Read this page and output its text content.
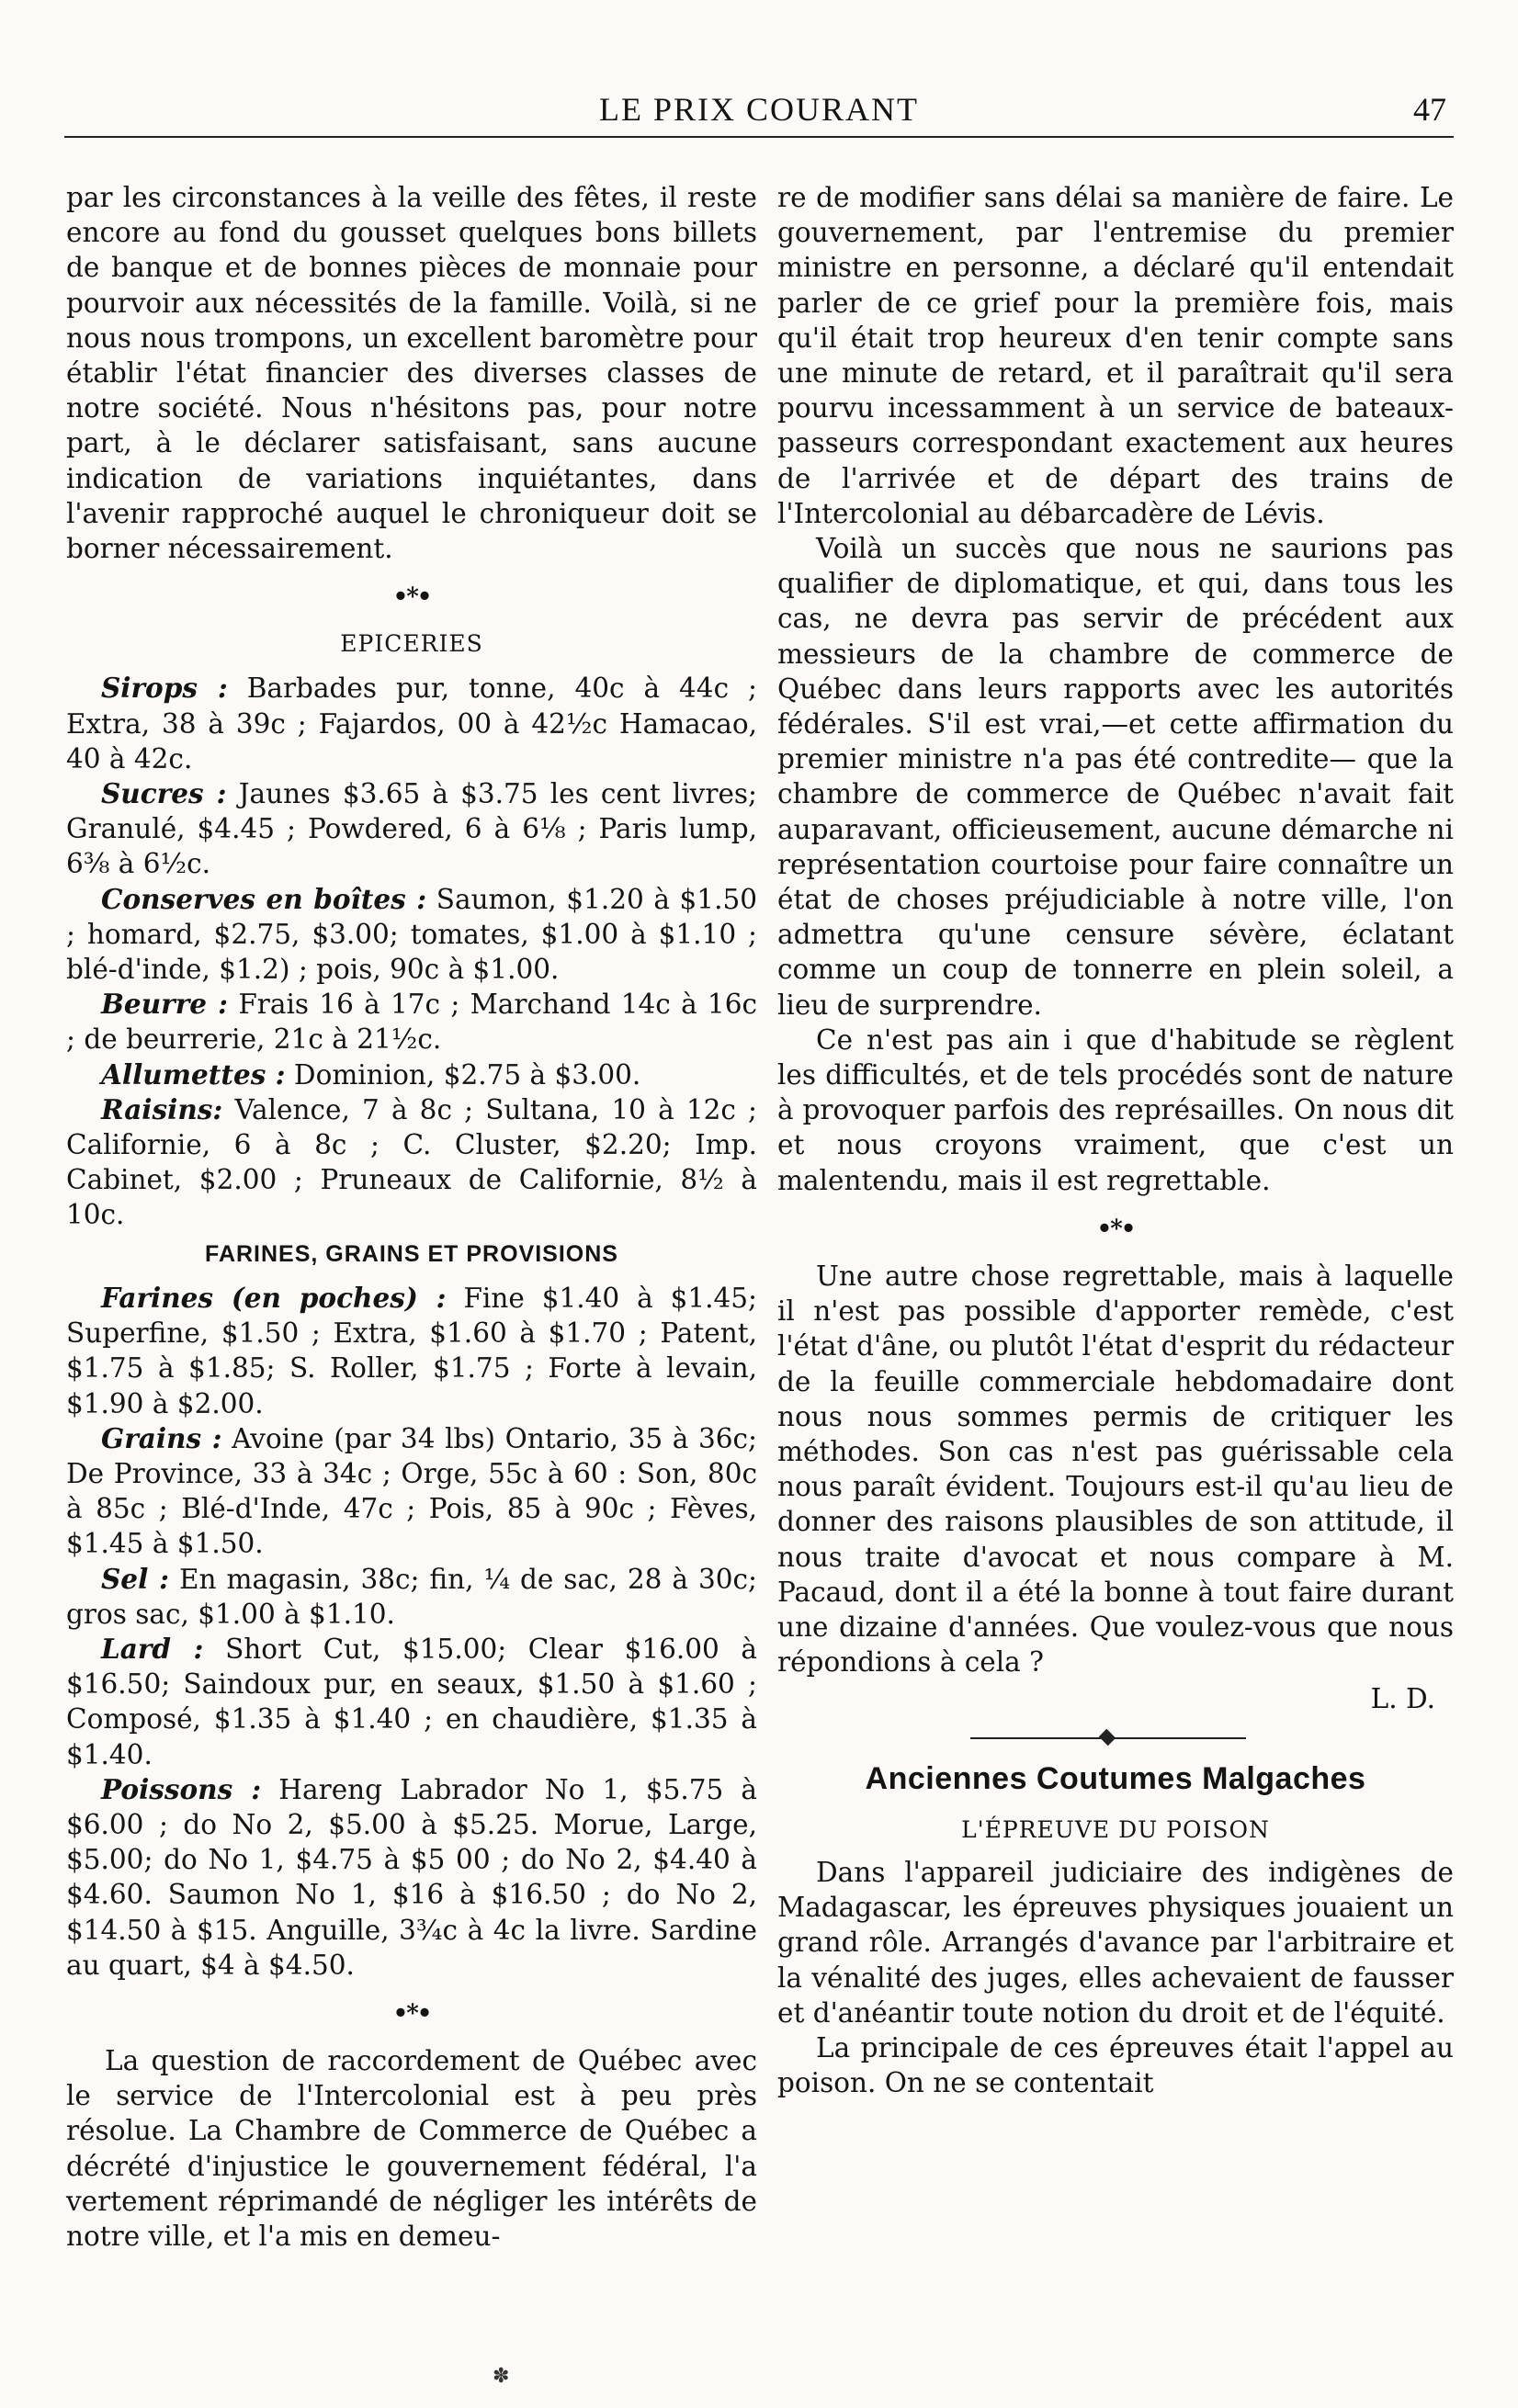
LE PRIX COURANT	47

par les circonstances à la veille des fêtes, il reste encore au fond du gousset quelques bons billets de banque et de bonnes pièces de monnaie pour pourvoir aux nécessités de la famille. Voilà, si ne nous nous trompons, un excellent baromètre pour établir l'état financier des diverses classes de notre société. Nous n'hésitons pas, pour notre part, à le déclarer satisfaisant, sans aucune indication de variations inquiétantes, dans l'avenir rapproché auquel le chroniqueur doit se borner nécessairement.

•*•
EPICERIES

Sirops : Barbades pur, tonne, 40c à 44c ; Extra, 38 à 39c ; Fajardos, 00 à 42½c Hamacao, 40 à 42c.

Sucres : Jaunes $3.65 à $3.75 les cent livres; Granulé, $4.45 ; Powdered, 6 à 6⅛ ; Paris lump, 6⅜ à 6½c.

Conserves en boîtes : Saumon, $1.20 à $1.50 ; homard, $2.75, $3.00; tomates, $1.00 à $1.10 ; blé-d'inde, $1.2) ; pois, 90c à $1.00.

Beurre : Frais 16 à 17c ; Marchand 14c à 16c ; de beurrerie, 21c à 21½c.

Allumettes : Dominion, $2.75 à $3.00.

Raisins: Valence, 7 à 8c ; Sultana, 10 à 12c ; Californie, 6 à 8c ; C. Cluster, $2.20; Imp. Cabinet, $2.00 ; Pruneaux de Californie, 8½ à 10c.

FARINES, GRAINS ET PROVISIONS

Farines (en poches) : Fine $1.40 à $1.45; Superfine, $1.50 ; Extra, $1.60 à $1.70 ; Patent, $1.75 à $1.85; S. Roller, $1.75 ; Forte à levain, $1.90 à $2.00.

Grains : Avoine (par 34 lbs) Ontario, 35 à 36c; De Province, 33 à 34c ; Orge, 55c à 60 : Son, 80c à 85c ; Blé-d'Inde, 47c ; Pois, 85 à 90c ; Fèves, $1.45 à $1.50.

Sel : En magasin, 38c; fin, ¼ de sac, 28 à 30c; gros sac, $1.00 à $1.10.

Lard : Short Cut, $15.00; Clear $16.00 à $16.50; Saindoux pur, en seaux, $1.50 à $1.60 ; Composé, $1.35 à $1.40 ; en chaudière, $1.35 à $1.40.

Poissons : Hareng Labrador No 1, $5.75 à $6.00 ; do No 2, $5.00 à $5.25. Morue, Large, $5.00; do No 1, $4.75 à $5 00 ; do No 2, $4.40 à $4.60. Saumon No 1, $16 à $16.50 ; do No 2, $14.50 à $15. Anguille, 3¾c à 4c la livre. Sardine au quart, $4 à $4.50.

•*•

La question de raccordement de Québec avec le service de l'Intercolonial est à peu près résolue. La Chambre de Commerce de Québec a décrété d'injustice le gouvernement fédéral, l'a vertement réprimandé de négliger les intérêts de notre ville, et l'a mis en demeu-

re de modifier sans délai sa manière de faire. Le gouvernement, par l'entremise du premier ministre en personne, a déclaré qu'il entendait parler de ce grief pour la première fois, mais qu'il était trop heureux d'en tenir compte sans une minute de retard, et il paraîtrait qu'il sera pourvu incessamment à un service de bateaux-passeurs correspondant exactement aux heures de l'arrivée et de départ des trains de l'Intercolonial au débarcadère de Lévis.

Voilà un succès que nous ne saurions pas qualifier de diplomatique, et qui, dans tous les cas, ne devra pas servir de précédent aux messieurs de la chambre de commerce de Québec dans leurs rapports avec les autorités fédérales. S'il est vrai,—et cette affirmation du premier ministre n'a pas été contredite— que la chambre de commerce de Québec n'avait fait auparavant, officieusement, aucune démarche ni représentation courtoise pour faire connaître un état de choses préjudiciable à notre ville, l'on admettra qu'une censure sévère, éclatant comme un coup de tonnerre en plein soleil, a lieu de surprendre.

Ce n'est pas ain i que d'habitude se règlent les difficultés, et de tels procédés sont de nature à provoquer parfois des représailles. On nous dit et nous croyons vraiment, que c'est un malentendu, mais il est regrettable.

•*•

Une autre chose regrettable, mais à laquelle il n'est pas possible d'apporter remède, c'est l'état d'âne, ou plutôt l'état d'esprit du rédacteur de la feuille commerciale hebdomadaire dont nous nous sommes permis de critiquer les méthodes. Son cas n'est pas guérissable cela nous paraît évident. Toujours est-il qu'au lieu de donner des raisons plausibles de son attitude, il nous traite d'avocat et nous compare à M. Pacaud, dont il a été la bonne à tout faire durant une dizaine d'années. Que voulez-vous que nous répondions à cela ?

L. D.
Anciennes Coutumes Malgaches
L'ÉPREUVE DU POISON

Dans l'appareil judiciaire des indigènes de Madagascar, les épreuves physiques jouaient un grand rôle. Arrangés d'avance par l'arbitraire et la vénalité des juges, elles achevaient de fausser et d'anéantir toute notion du droit et de l'équité.

La principale de ces épreuves était l'appel au poison. On ne se contentait

✽
